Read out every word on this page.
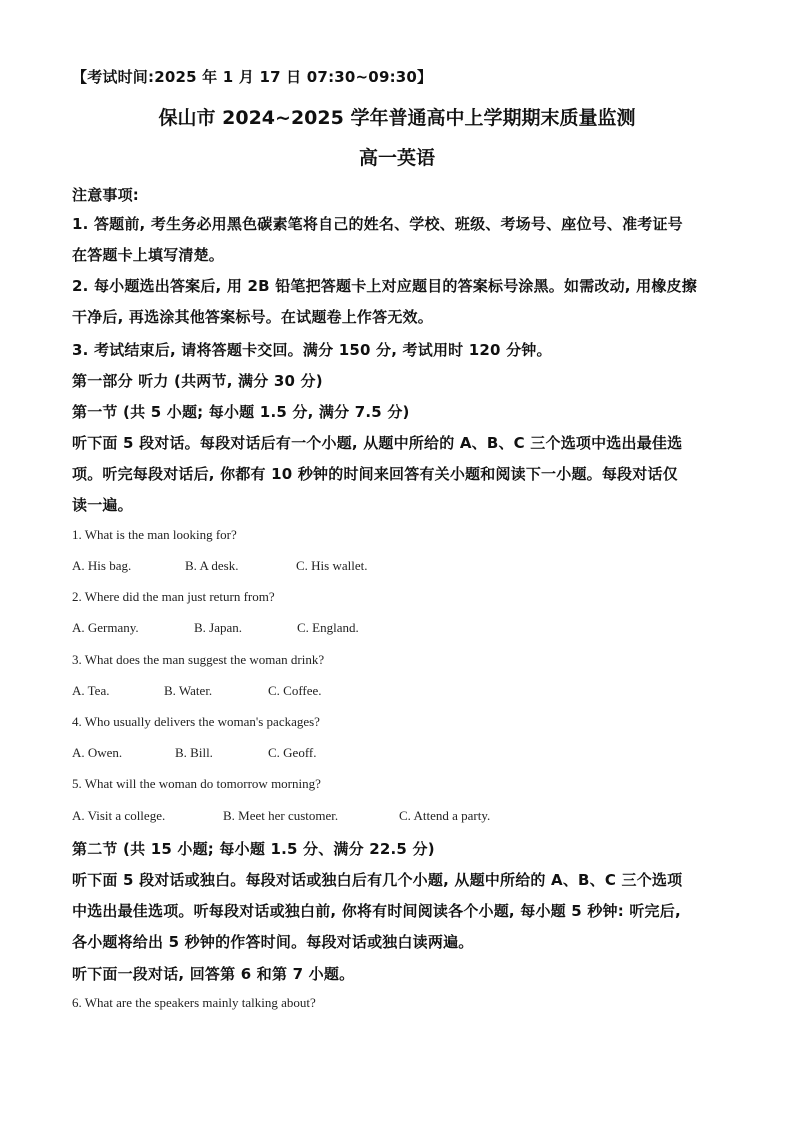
【考试时间:2025 年 1 月 17 日 07:30~09:30】
保山市 2024~2025 学年普通高中上学期期末质量监测
高一英语
注意事项:
1. 答题前, 考生务必用黑色碳素笔将自己的姓名、学校、班级、考场号、座位号、准考证号
在答题卡上填写清楚。
2. 每小题选出答案后, 用 2B 铅笔把答题卡上对应题目的答案标号涂黑。如需改动, 用橡皮擦
干净后, 再选涂其他答案标号。在试题卷上作答无效。
3. 考试结束后, 请将答题卡交回。满分 150 分, 考试用时 120 分钟。
第一部分 听力 (共两节, 满分 30 分)
第一节 (共 5 小题; 每小题 1.5 分, 满分 7.5 分)
听下面 5 段对话。每段对话后有一个小题, 从题中所给的 A、B、C 三个选项中选出最佳选
项。听完每段对话后, 你都有 10 秒钟的时间来回答有关小题和阅读下一小题。每段对话仅
读一遍。
1. What is the man looking for?
A. His bag.	B. A desk.	C. His wallet.
2. Where did the man just return from?
A. Germany.	B. Japan.	C. England.
3. What does the man suggest the woman drink?
A. Tea.	B. Water.	C. Coffee.
4. Who usually delivers the woman's packages?
A. Owen.	B. Bill.	C. Geoff.
5. What will the woman do tomorrow morning?
A. Visit a college.	B. Meet her customer.	C. Attend a party.
第二节 (共 15 小题; 每小题 1.5 分、满分 22.5 分)
听下面 5 段对话或独白。每段对话或独白后有几个小题, 从题中所给的 A、B、C 三个选项
中选出最佳选项。听每段对话或独白前, 你将有时间阅读各个小题, 每小题 5 秒钟: 听完后,
各小题将给出 5 秒钟的作答时间。每段对话或独白读两遍。
听下面一段对话, 回答第 6 和第 7 小题。
6. What are the speakers mainly talking about?
